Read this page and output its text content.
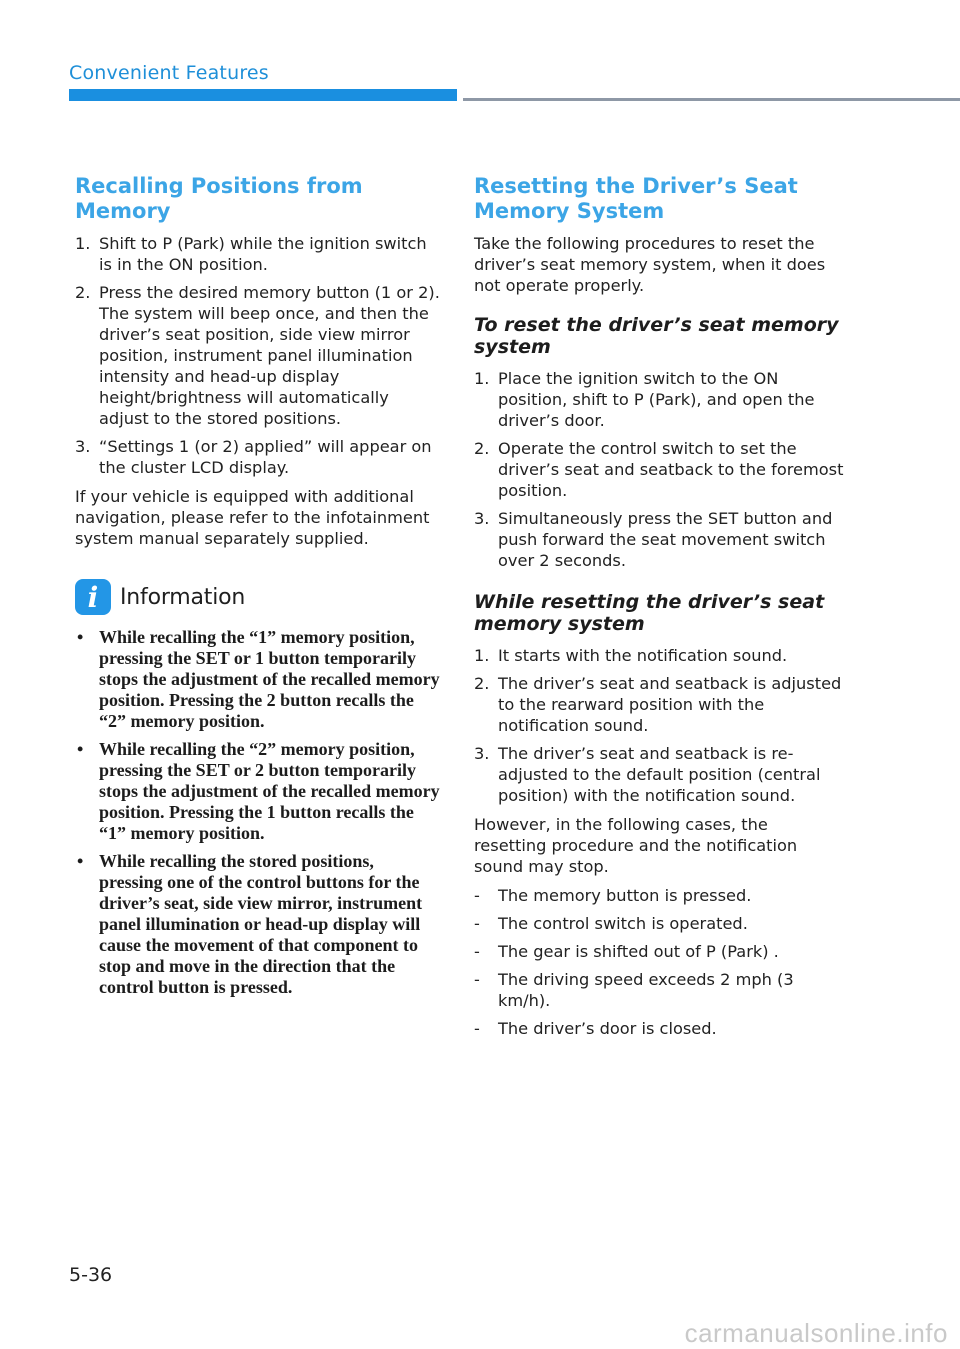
Convenient Features
Recalling Positions from Memory
1. Shift to P (Park) while the ignition switch is in the ON position.
2. Press the desired memory button (1 or 2). The system will beep once, and then the driver’s seat position, side view mirror position, instrument panel illumination intensity and head-up display height/brightness will automatically adjust to the stored positions.
3. “Settings 1 (or 2) applied” will appear on the cluster LCD display.

If your vehicle is equipped with additional navigation, please refer to the infotainment system manual separately supplied.

i Information
• While recalling the “1” memory position, pressing the SET or 1 button temporarily stops the adjustment of the recalled memory position. Pressing the 2 button recalls the “2” memory position.
• While recalling the “2” memory position, pressing the SET or 2 button temporarily stops the adjustment of the recalled memory position. Pressing the 1 button recalls the “1” memory position.
• While recalling the stored positions, pressing one of the control buttons for the driver’s seat, side view mirror, instrument panel illumination or head-up display will cause the movement of that component to stop and move in the direction that the control button is pressed.
Resetting the Driver’s Seat Memory System

Take the following procedures to reset the driver’s seat memory system, when it does not operate properly.

To reset the driver’s seat memory system
1. Place the ignition switch to the ON position, shift to P (Park), and open the driver’s door.
2. Operate the control switch to set the driver’s seat and seatback to the foremost position.
3. Simultaneously press the SET button and push forward the seat movement switch over 2 seconds.
While resetting the driver’s seat memory system
1. It starts with the notification sound.
2. The driver’s seat and seatback is adjusted to the rearward position with the notification sound.
3. The driver’s seat and seatback is re-adjusted to the default position (central position) with the notification sound.

However, in the following cases, the resetting procedure and the notification sound may stop.

- The memory button is pressed.
- The control switch is operated.
- The gear is shifted out of P (Park) .
- The driving speed exceeds 2 mph (3 km/h).
- The driver’s door is closed.
5-36
carmanualsonline.info
